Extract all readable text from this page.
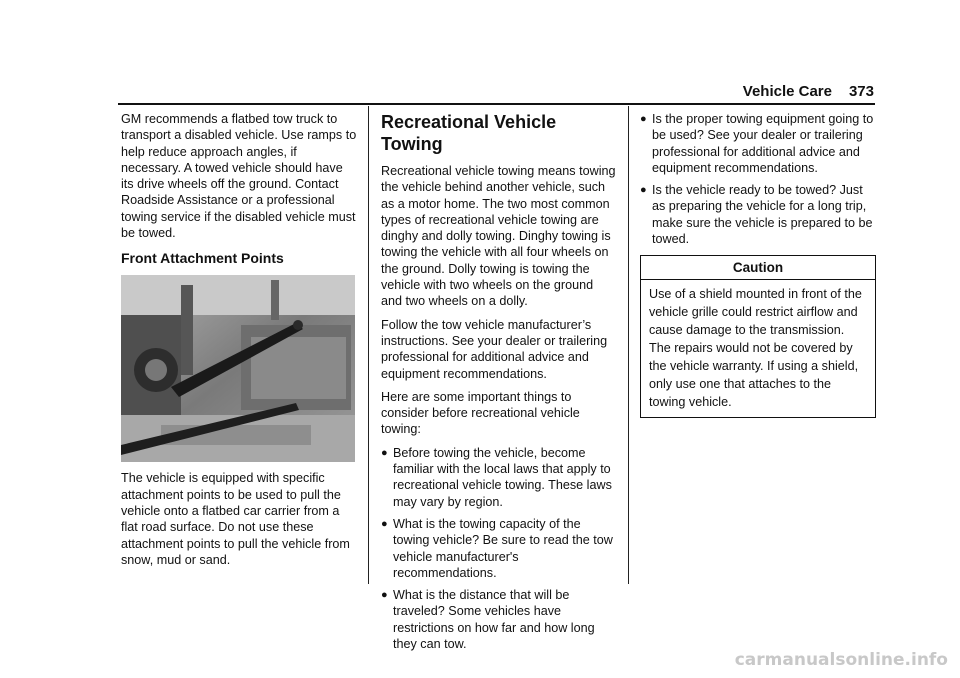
Vehicle Care 373

GM recommends a flatbed tow truck to transport a disabled vehicle. Use ramps to help reduce approach angles, if necessary. A towed vehicle should have its drive wheels off the ground. Contact Roadside Assistance or a professional towing service if the disabled vehicle must be towed.

Front Attachment Points

The vehicle is equipped with specific attachment points to be used to pull the vehicle onto a flatbed car carrier from a flat road surface. Do not use these attachment points to pull the vehicle from snow, mud or sand.

Recreational Vehicle Towing

Recreational vehicle towing means towing the vehicle behind another vehicle, such as a motor home. The two most common types of recreational vehicle towing are dinghy and dolly towing. Dinghy towing is towing the vehicle with all four wheels on the ground. Dolly towing is towing the vehicle with two wheels on the ground and two wheels on a dolly.

Follow the tow vehicle manufacturer’s instructions. See your dealer or trailering professional for additional advice and equipment recommendations.

Here are some important things to consider before recreational vehicle towing:

● Before towing the vehicle, become familiar with the local laws that apply to recreational vehicle towing. These laws may vary by region.
● What is the towing capacity of the towing vehicle? Be sure to read the tow vehicle manufacturer's recommendations.
● What is the distance that will be traveled? Some vehicles have restrictions on how far and how long they can tow.
● Is the proper towing equipment going to be used? See your dealer or trailering professional for additional advice and equipment recommendations.
● Is the vehicle ready to be towed? Just as preparing the vehicle for a long trip, make sure the vehicle is prepared to be towed.
Caution
Use of a shield mounted in front of the vehicle grille could restrict airflow and cause damage to the transmission. The repairs would not be covered by the vehicle warranty. If using a shield, only use one that attaches to the towing vehicle.
carmanualsonline.info
